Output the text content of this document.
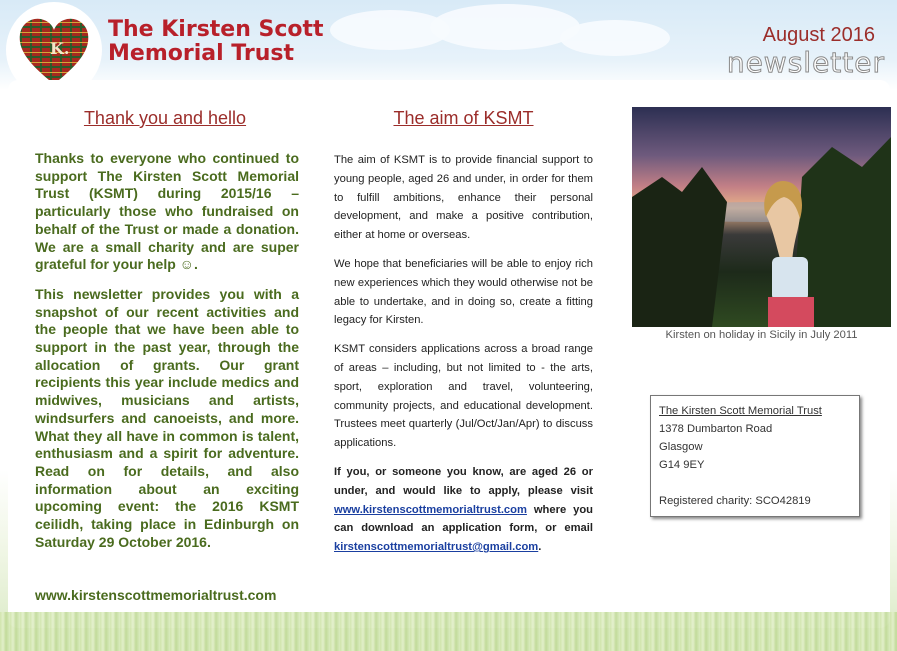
K.
The Kirsten Scott
Memorial Trust
August 2016
newsletter
Thank you and hello

Thanks to everyone who continued to support The Kirsten Scott Memorial Trust (KSMT) during 2015/16 – particularly those who fundraised on behalf of the Trust or made a donation. We are a small charity and are super grateful for your help ☺.

This newsletter provides you with a snapshot of our recent activities and the people that we have been able to support in the past year, through the allocation of grants. Our grant recipients this year include medics and midwives, musicians and artists, windsurfers and canoeists, and more. What they all have in common is talent, enthusiasm and a spirit for adventure. Read on for details, and also information about an exciting upcoming event: the 2016 KSMT ceilidh, taking place in Edinburgh on Saturday 29 October 2016.

www.kirstenscottmemorialtrust.com
The aim of KSMT

The aim of KSMT is to provide financial support to young people, aged 26 and under, in order for them to fulfill ambitions, enhance their personal development, and make a positive contribution, either at home or overseas.

We hope that beneficiaries will be able to enjoy rich new experiences which they would otherwise not be able to undertake, and in doing so, create a fitting legacy for Kirsten.

KSMT considers applications across a broad range of areas – including, but not limited to - the arts, sport, exploration and travel, volunteering, community projects, and educational development. Trustees meet quarterly (Jul/Oct/Jan/Apr) to discuss applications.

If you, or someone you know, are aged 26 or under, and would like to apply, please visit www.kirstenscottmemorialtrust.com where you can download an application form, or email kirstenscottmemorialtrust@gmail.com.

Kirsten on holiday in Sicily in July 2011
The Kirsten Scott Memorial Trust
1378 Dumbarton Road
Glasgow
G14 9EY
Registered charity: SCO42819
